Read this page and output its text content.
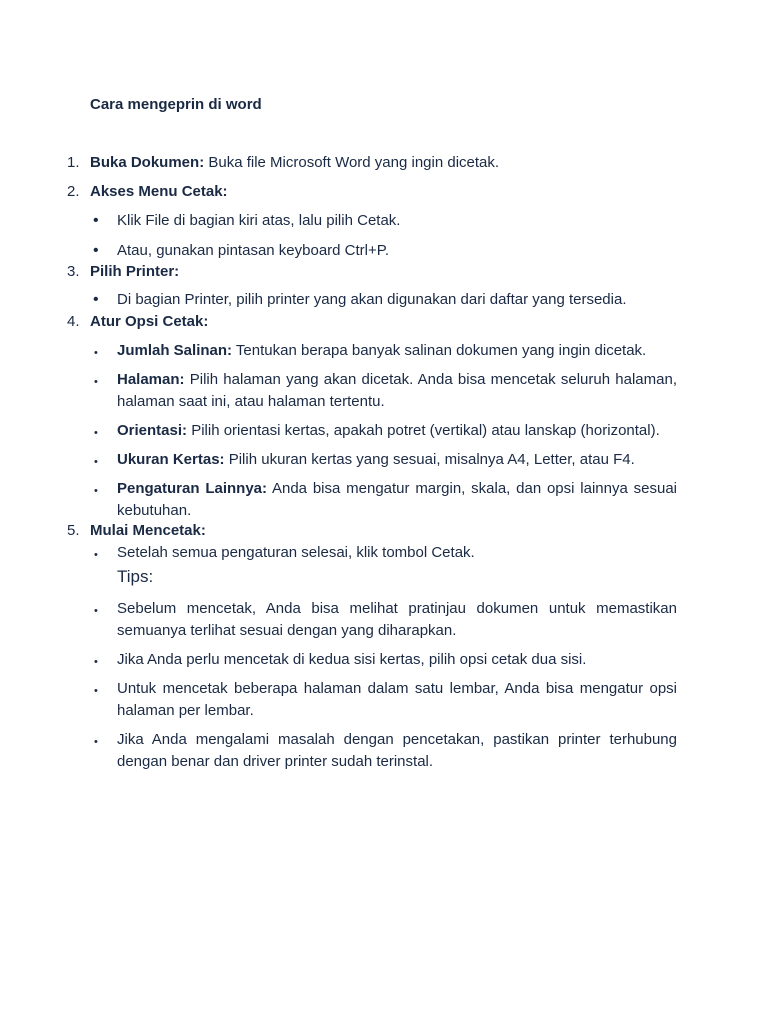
Cara mengeprin di word
1. Buka Dokumen: Buka file Microsoft Word yang ingin dicetak.
2. Akses Menu Cetak:
• Klik File di bagian kiri atas, lalu pilih Cetak.
• Atau, gunakan pintasan keyboard Ctrl+P.
3. Pilih Printer:
• Di bagian Printer, pilih printer yang akan digunakan dari daftar yang tersedia.
4. Atur Opsi Cetak:
• Jumlah Salinan: Tentukan berapa banyak salinan dokumen yang ingin dicetak.
• Halaman: Pilih halaman yang akan dicetak. Anda bisa mencetak seluruh halaman, halaman saat ini, atau halaman tertentu.
• Orientasi: Pilih orientasi kertas, apakah potret (vertikal) atau lanskap (horizontal).
• Ukuran Kertas: Pilih ukuran kertas yang sesuai, misalnya A4, Letter, atau F4.
• Pengaturan Lainnya: Anda bisa mengatur margin, skala, dan opsi lainnya sesuai kebutuhan.
5. Mulai Mencetak:
• Setelah semua pengaturan selesai, klik tombol Cetak.
Tips:
• Sebelum mencetak, Anda bisa melihat pratinjau dokumen untuk memastikan semuanya terlihat sesuai dengan yang diharapkan.
• Jika Anda perlu mencetak di kedua sisi kertas, pilih opsi cetak dua sisi.
• Untuk mencetak beberapa halaman dalam satu lembar, Anda bisa mengatur opsi halaman per lembar.
• Jika Anda mengalami masalah dengan pencetakan, pastikan printer terhubung dengan benar dan driver printer sudah terinstal.
